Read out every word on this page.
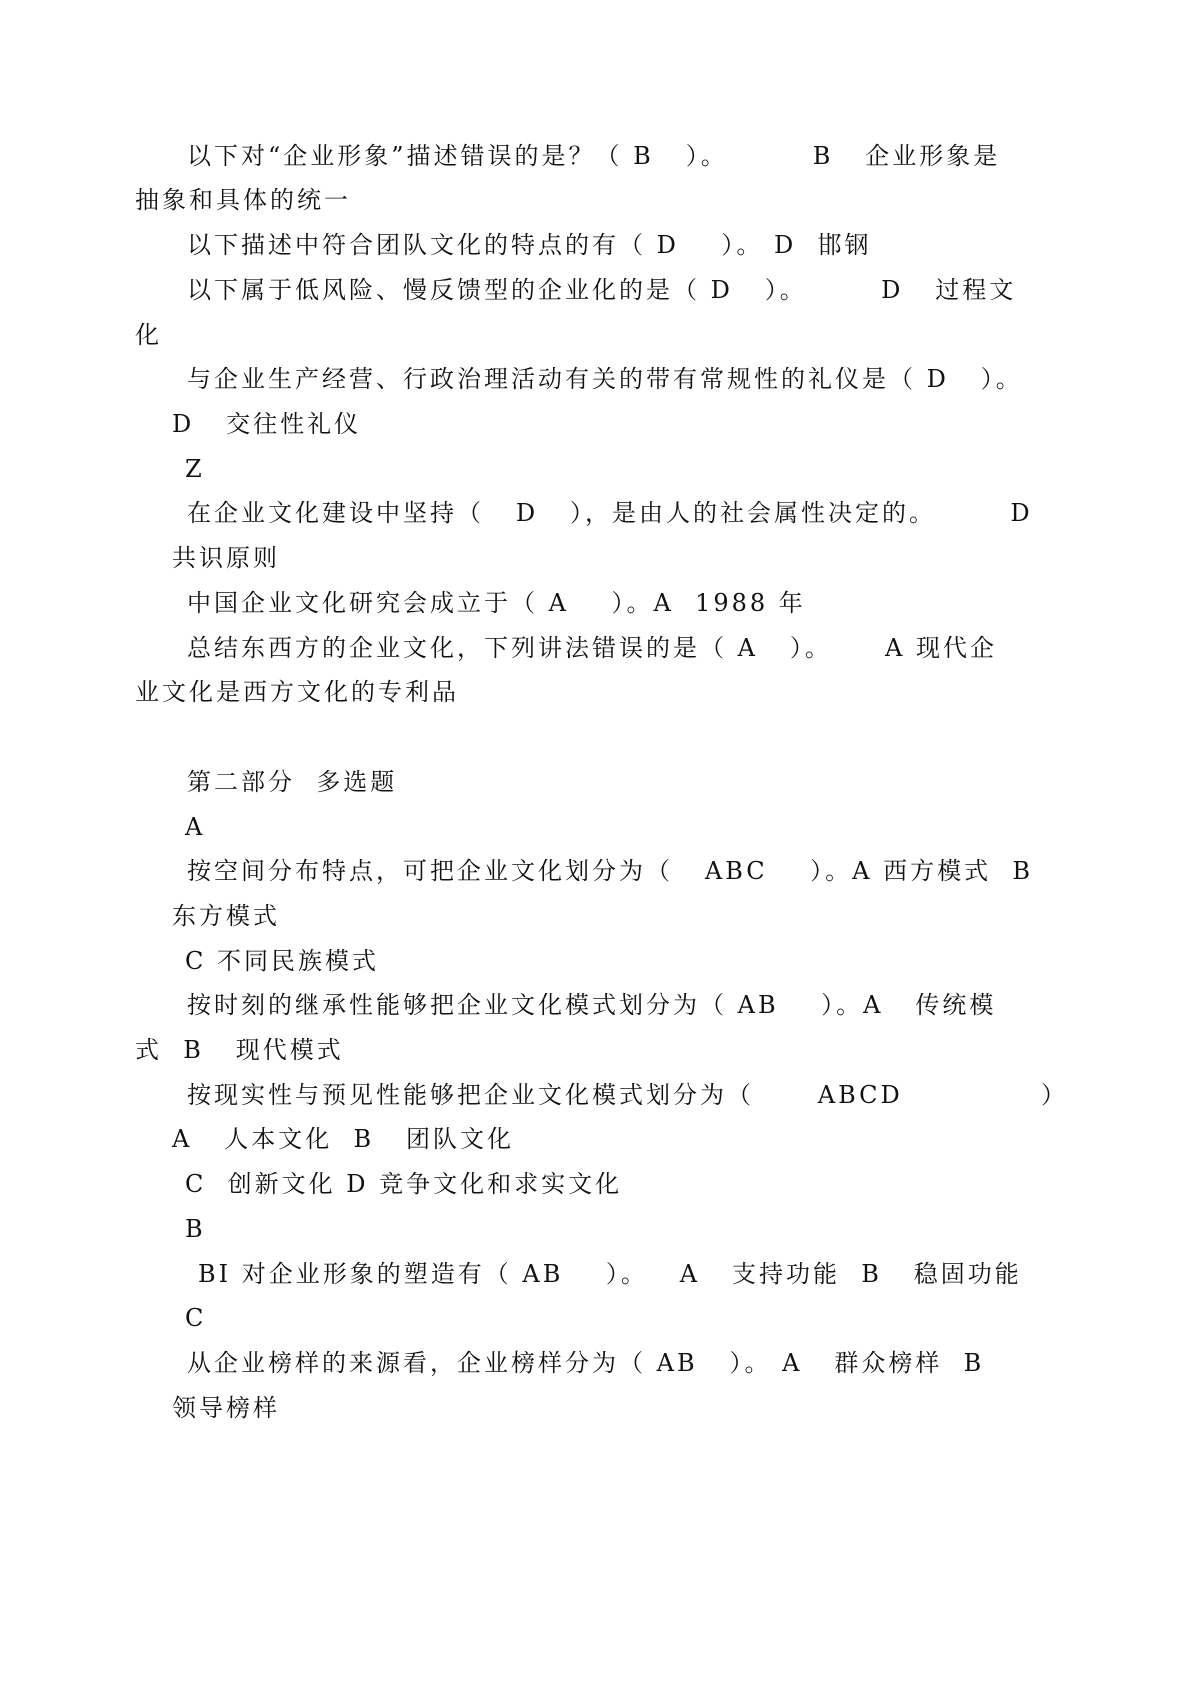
以下对“企业形象”描述错误的是？（ B   ）。        B   企业形象是
抽象和具体的统一
以下描述中符合团队文化的特点的有（ D    ）。 D  邯钢
以下属于低风险、慢反馈型的企业化的是（ D   ）。       D   过程文
化
与企业生产经营、行政治理活动有关的带有常规性的礼仪是（ D   ）。
D   交往性礼仪
Z
在企业文化建设中坚持（   D   ），是由人的社会属性决定的。       D
共识原则
中国企业文化研究会成立于（ A    ）。A  1988 年
总结东西方的企业文化，下列讲法错误的是（ A   ）。     A 现代企
业文化是西方文化的专利品
第二部分  多选题
A
按空间分布特点，可把企业文化划分为（   ABC    ）。A 西方模式  B
东方模式
C 不同民族模式
按时刻的继承性能够把企业文化模式划分为（ AB    ）。A   传统模
式  B   现代模式
按现实性与预见性能够把企业文化模式划分为（      ABCD             ）
A   人本文化  B   团队文化
C  创新文化 D 竞争文化和求实文化
B
BI 对企业形象的塑造有（ AB    ）。   A   支持功能  B   稳固功能
C
从企业榜样的来源看，企业榜样分为（ AB   ）。 A   群众榜样  B
领导榜样
